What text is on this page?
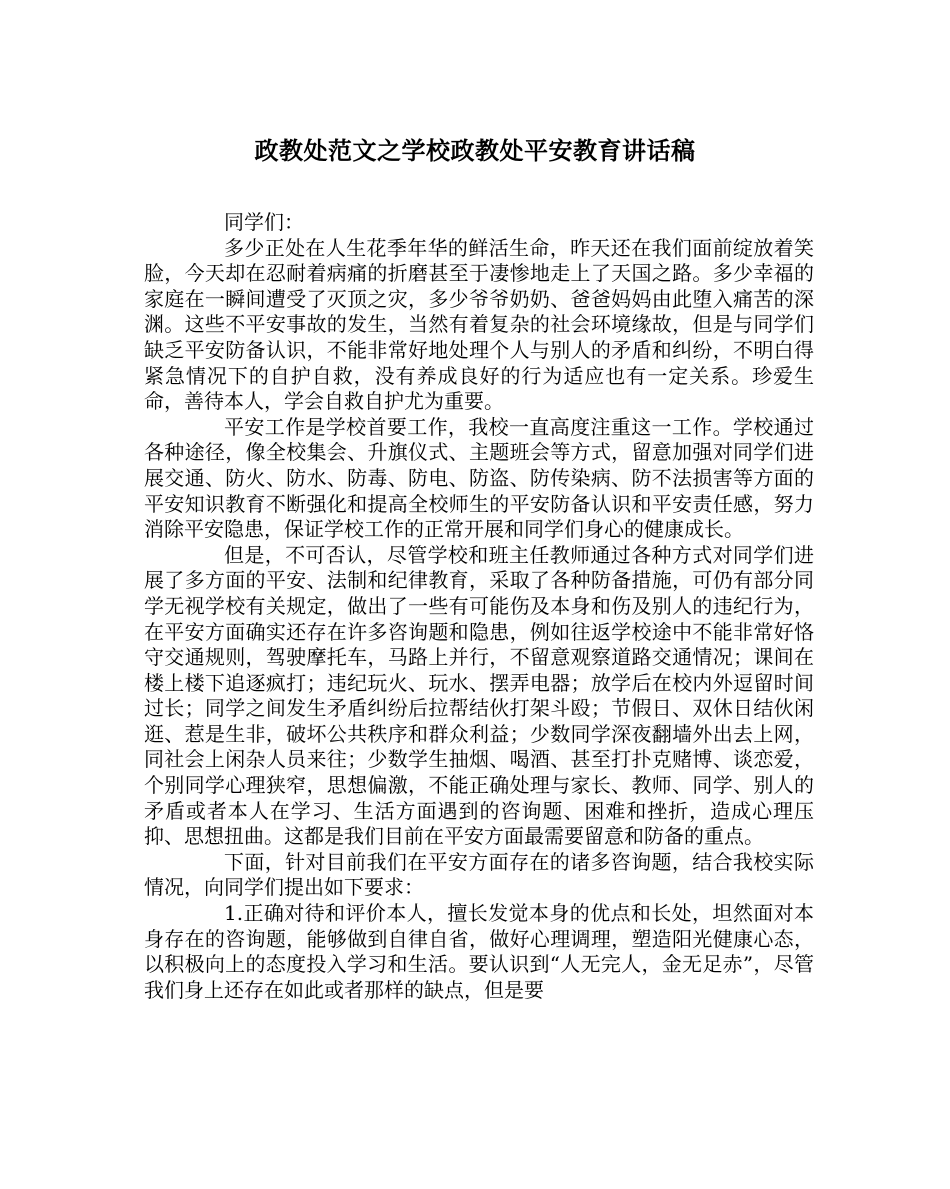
政教处范文之学校政教处平安教育讲话稿

同学们：

多少正处在人生花季年华的鲜活生命，昨天还在我们面前绽放着笑脸，今天却在忍耐着病痛的折磨甚至于凄惨地走上了天国之路。多少幸福的家庭在一瞬间遭受了灭顶之灾，多少爷爷奶奶、爸爸妈妈由此堕入痛苦的深渊。这些不平安事故的发生，当然有着复杂的社会环境缘故，但是与同学们缺乏平安防备认识，不能非常好地处理个人与别人的矛盾和纠纷，不明白得紧急情况下的自护自救，没有养成良好的行为适应也有一定关系。珍爱生命，善待本人，学会自救自护尤为重要。

平安工作是学校首要工作，我校一直高度注重这一工作。学校通过各种途径，像全校集会、升旗仪式、主题班会等方式，留意加强对同学们进展交通、防火、防水、防毒、防电、防盗、防传染病、防不法损害等方面的平安知识教育不断强化和提高全校师生的平安防备认识和平安责任感，努力消除平安隐患，保证学校工作的正常开展和同学们身心的健康成长。

但是，不可否认，尽管学校和班主任教师通过各种方式对同学们进展了多方面的平安、法制和纪律教育，采取了各种防备措施，可仍有部分同学无视学校有关规定，做出了一些有可能伤及本身和伤及别人的违纪行为，在平安方面确实还存在许多咨询题和隐患，例如往返学校途中不能非常好恪守交通规则，驾驶摩托车，马路上并行，不留意观察道路交通情况；课间在楼上楼下追逐疯打；违纪玩火、玩水、摆弄电器；放学后在校内外逗留时间过长；同学之间发生矛盾纠纷后拉帮结伙打架斗殴；节假日、双休日结伙闲逛、惹是生非，破坏公共秩序和群众利益；少数同学深夜翻墙外出去上网，同社会上闲杂人员来往；少数学生抽烟、喝酒、甚至打扑克赌博、谈恋爱，个别同学心理狭窄，思想偏激，不能正确处理与家长、教师、同学、别人的矛盾或者本人在学习、生活方面遇到的咨询题、困难和挫折，造成心理压抑、思想扭曲。这都是我们目前在平安方面最需要留意和防备的重点。

下面，针对目前我们在平安方面存在的诸多咨询题，结合我校实际情况，向同学们提出如下要求：

1.正确对待和评价本人，擅长发觉本身的优点和长处，坦然面对本身存在的咨询题，能够做到自律自省，做好心理调理，塑造阳光健康心态，以积极向上的态度投入学习和生活。要认识到“人无完人，金无足赤”，尽管我们身上还存在如此或者那样的缺点，但是要
